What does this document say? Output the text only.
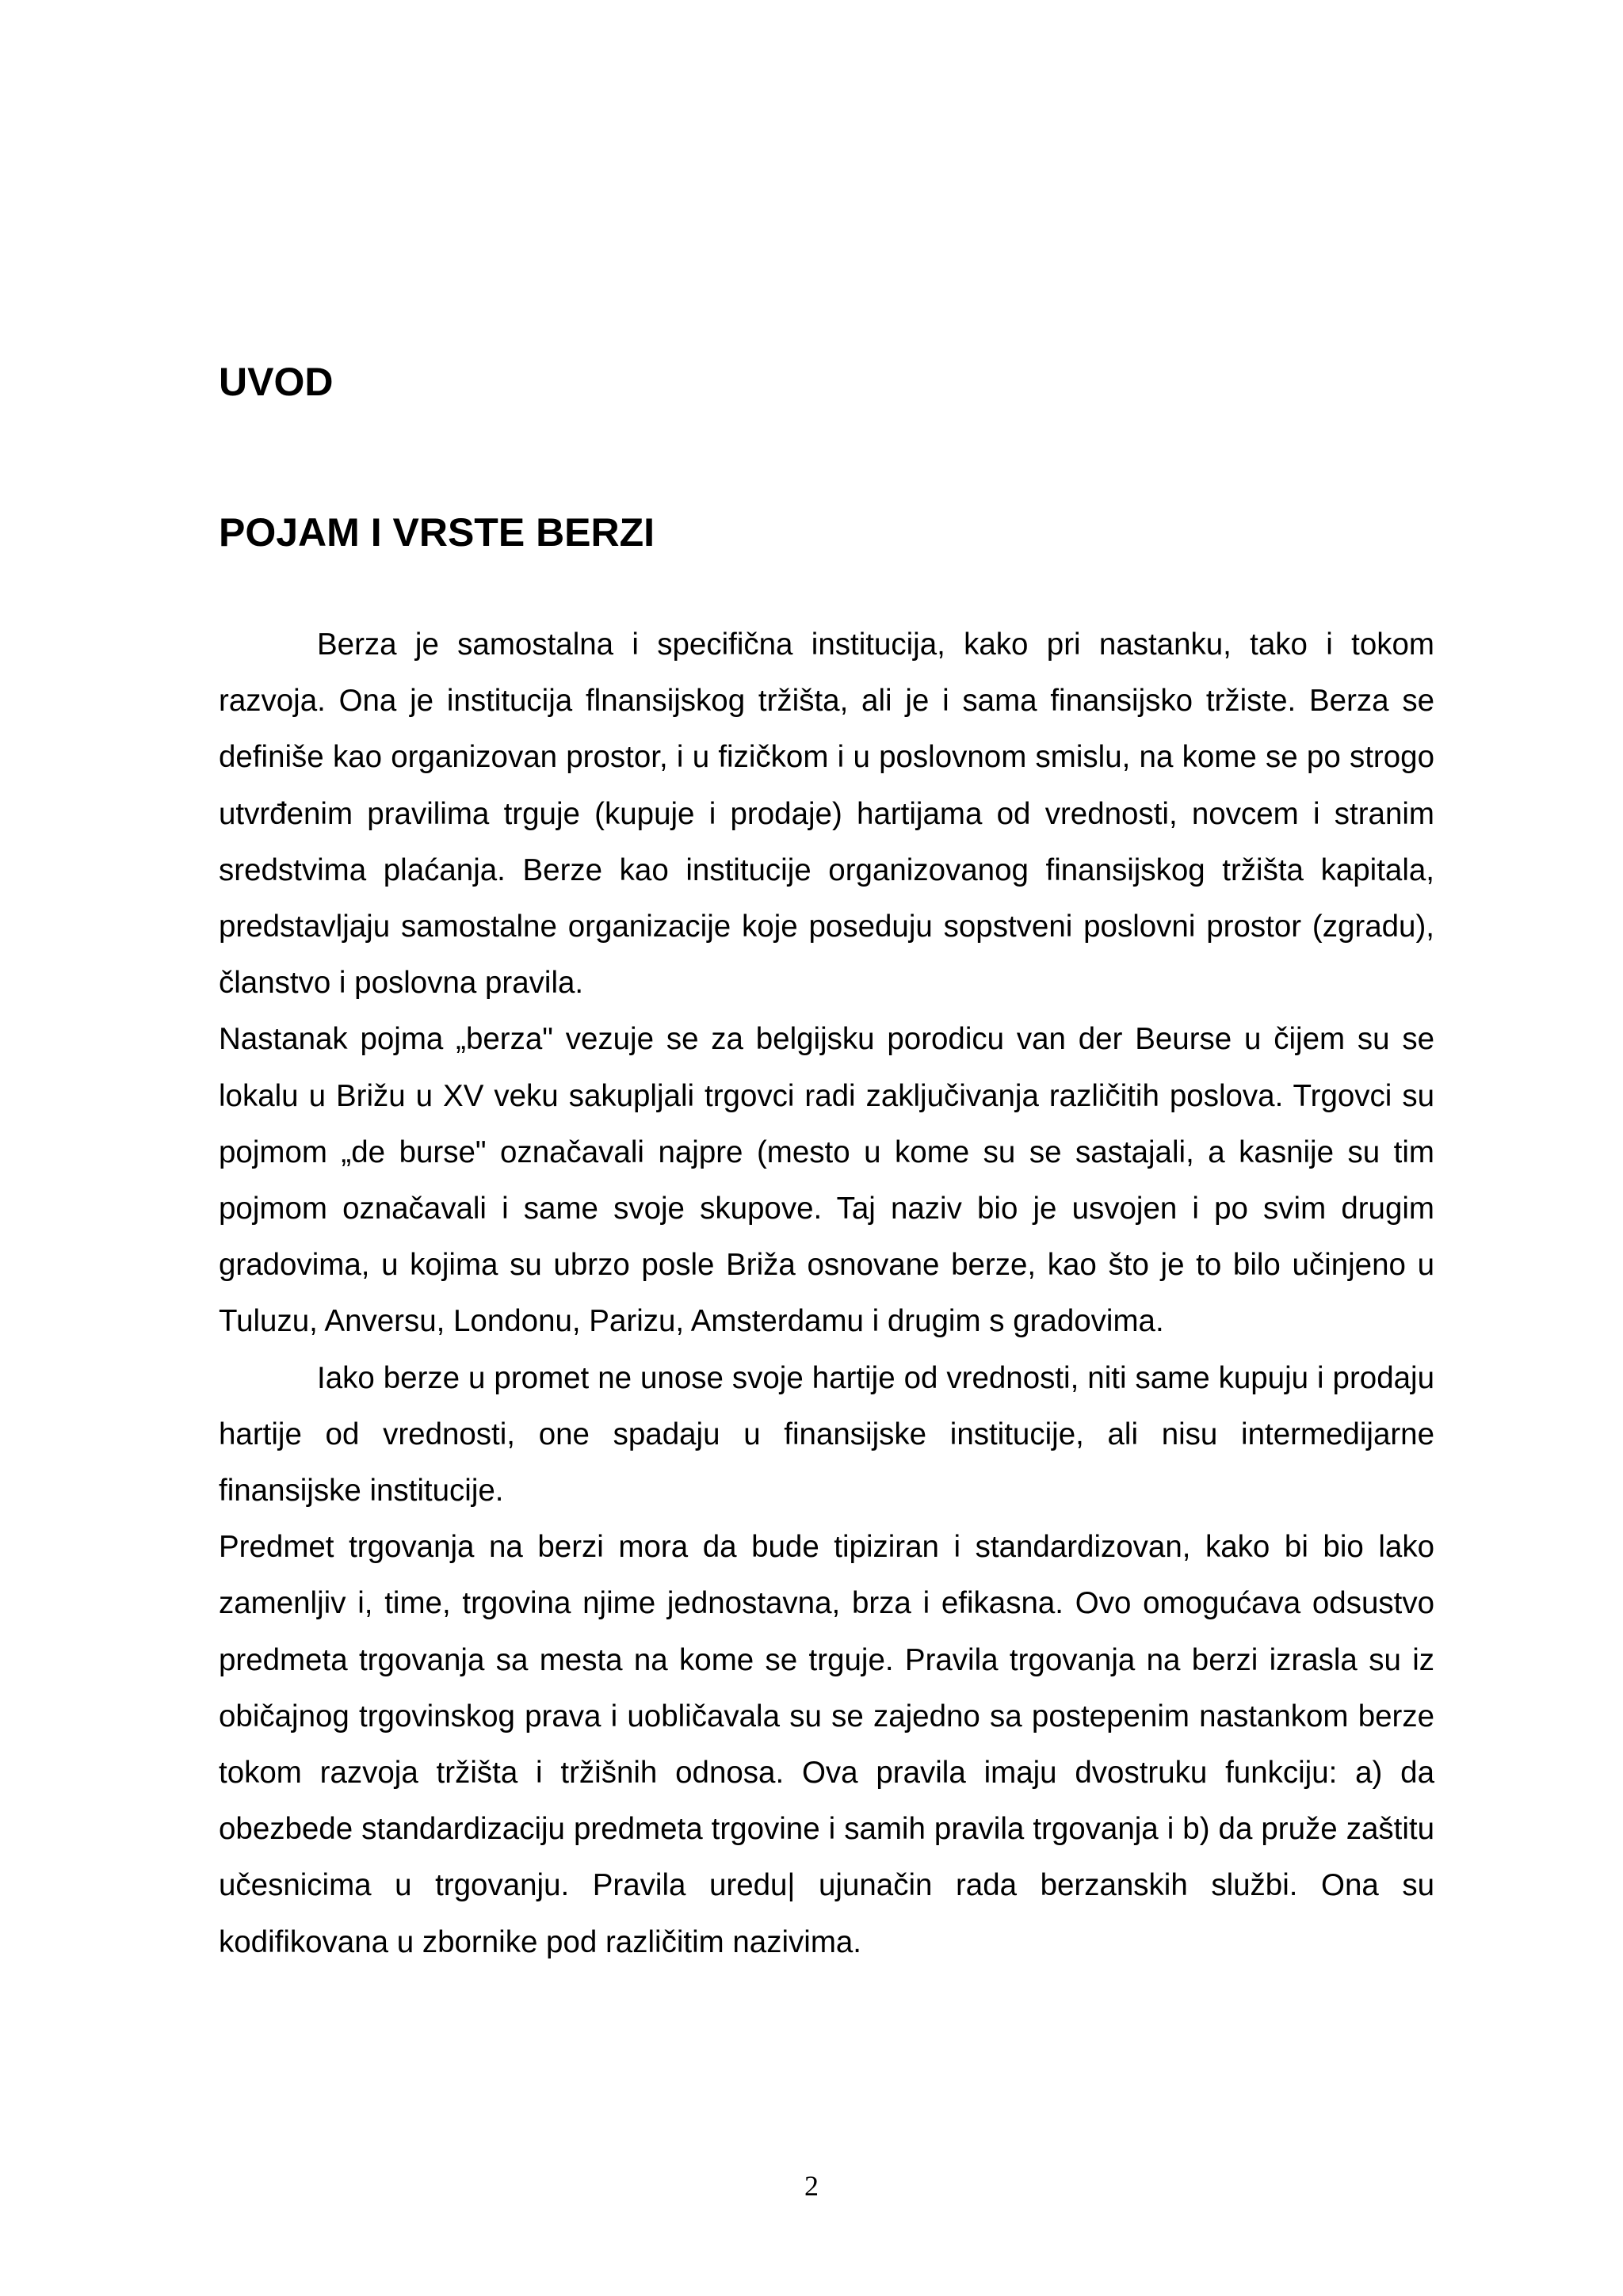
UVOD
POJAM I VRSTE BERZI

Berza je samostalna i specifična institucija, kako pri nastanku, tako i tokom razvoja. Ona je institucija flnansijskog tržišta, ali je i sama finansijsko tržiste. Berza se definiše kao organizovan prostor, i u fizičkom i u poslovnom smislu, na kome se po strogo utvrđenim pravilima trguje (kupuje i prodaje) hartijama od vrednosti, novcem i stranim sredstvima plaćanja. Berze kao institucije organizovanog finansijskog tržišta kapitala, predstavljaju samostalne organizacije koje poseduju sopstveni poslovni prostor (zgradu), članstvo i poslovna pravila.

Nastanak pojma „berza" vezuje se za belgijsku porodicu van der Beurse u čijem su se lokalu u Brižu u XV veku sakupljali trgovci radi zaključivanja različitih poslova. Trgovci su pojmom „de burse" označavali najpre (mesto u kome su se sastajali, a kasnije su tim pojmom označavali i same svoje skupove. Taj naziv bio je usvojen i po svim drugim gradovima, u kojima su ubrzo posle Briža osnovane berze, kao što je to bilo učinjeno u Tuluzu, Anversu, Londonu, Parizu, Amsterdamu i drugim s gradovima.

Iako berze u promet ne unose svoje hartije od vrednosti, niti same kupuju i prodaju hartije od vrednosti, one spadaju u finansijske institucije, ali nisu intermedijarne finansijske institucije.

Predmet trgovanja na berzi mora da bude tipiziran i standardizovan, kako bi bio lako zamenljiv i, time, trgovina njime jednostavna, brza i efikasna. Ovo omogućava odsustvo predmeta trgovanja sa mesta na kome se trguje. Pravila trgovanja na berzi izrasla su iz običajnog trgovinskog prava i uobličavala su se zajedno sa postepenim nastankom berze tokom razvoja tržišta i tržišnih odnosa. Ova pravila imaju dvostruku funkciju: a) da obezbede standardizaciju predmeta trgovine i samih pravila trgovanja i b) da pruže zaštitu učesnicima u trgovanju. Pravila uredu| ujunačin rada berzanskih službi. Ona su kodifikovana u zbornike pod različitim nazivima.

2
